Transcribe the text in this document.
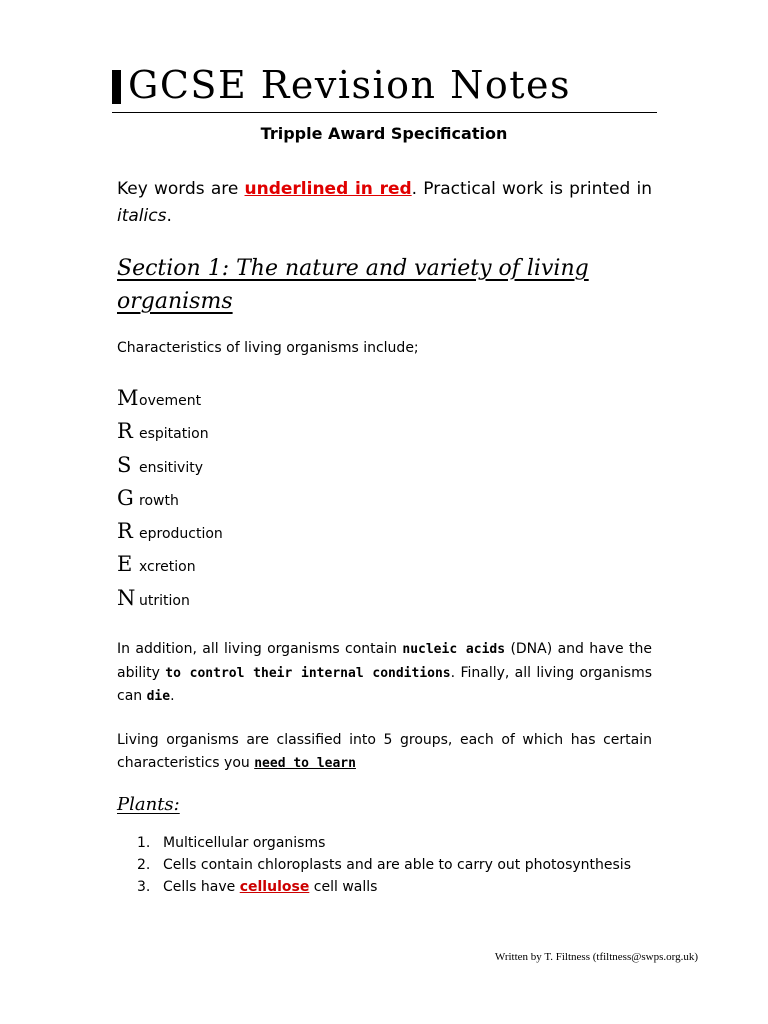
GCSE Revision Notes
Tripple Award Specification
Key words are underlined in red. Practical work is printed in italics.
Section 1: The nature and variety of living organisms
Characteristics of living organisms include;
M ovement
R espitation
S ensitivity
G rowth
R eproduction
E xcretion
N utrition
In addition, all living organisms contain nucleic acids (DNA) and have the ability to control their internal conditions. Finally, all living organisms can die.
Living organisms are classified into 5 groups, each of which has certain characteristics you need to learn
Plants:
1. Multicellular organisms
2. Cells contain chloroplasts and are able to carry out photosynthesis
3. Cells have cellulose cell walls
Written by T. Filtness (tfiltness@swps.org.uk)
